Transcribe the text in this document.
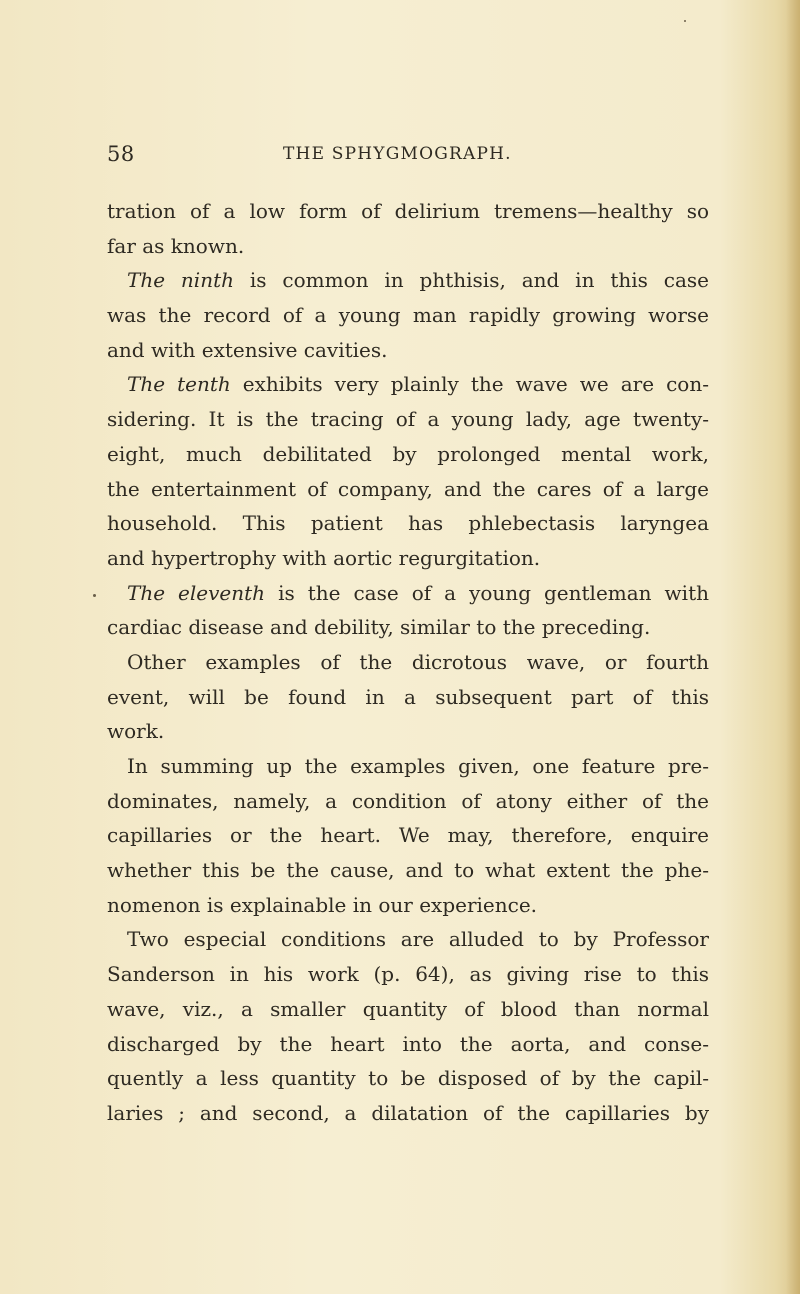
58	THE SPHYGMOGRAPH.
tration of a low form of delirium tremens—healthy so
far as known.
The ninth is common in phthisis, and in this case
was the record of a young man rapidly growing worse
and with extensive cavities.
The tenth exhibits very plainly the wave we are con-
sidering. It is the tracing of a young lady, age twenty-
eight, much debilitated by prolonged mental work,
the entertainment of company, and the cares of a large
household. This patient has phlebectasis laryngea
and hypertrophy with aortic regurgitation.
The eleventh is the case of a young gentleman with
cardiac disease and debility, similar to the preceding.
Other examples of the dicrotous wave, or fourth
event, will be found in a subsequent part of this
work.
In summing up the examples given, one feature pre-
dominates, namely, a condition of atony either of the
capillaries or the heart. We may, therefore, enquire
whether this be the cause, and to what extent the phe-
nomenon is explainable in our experience.
Two especial conditions are alluded to by Professor
Sanderson in his work (p. 64), as giving rise to this
wave, viz., a smaller quantity of blood than normal
discharged by the heart into the aorta, and conse-
quently a less quantity to be disposed of by the capil-
laries ; and second, a dilatation of the capillaries by
